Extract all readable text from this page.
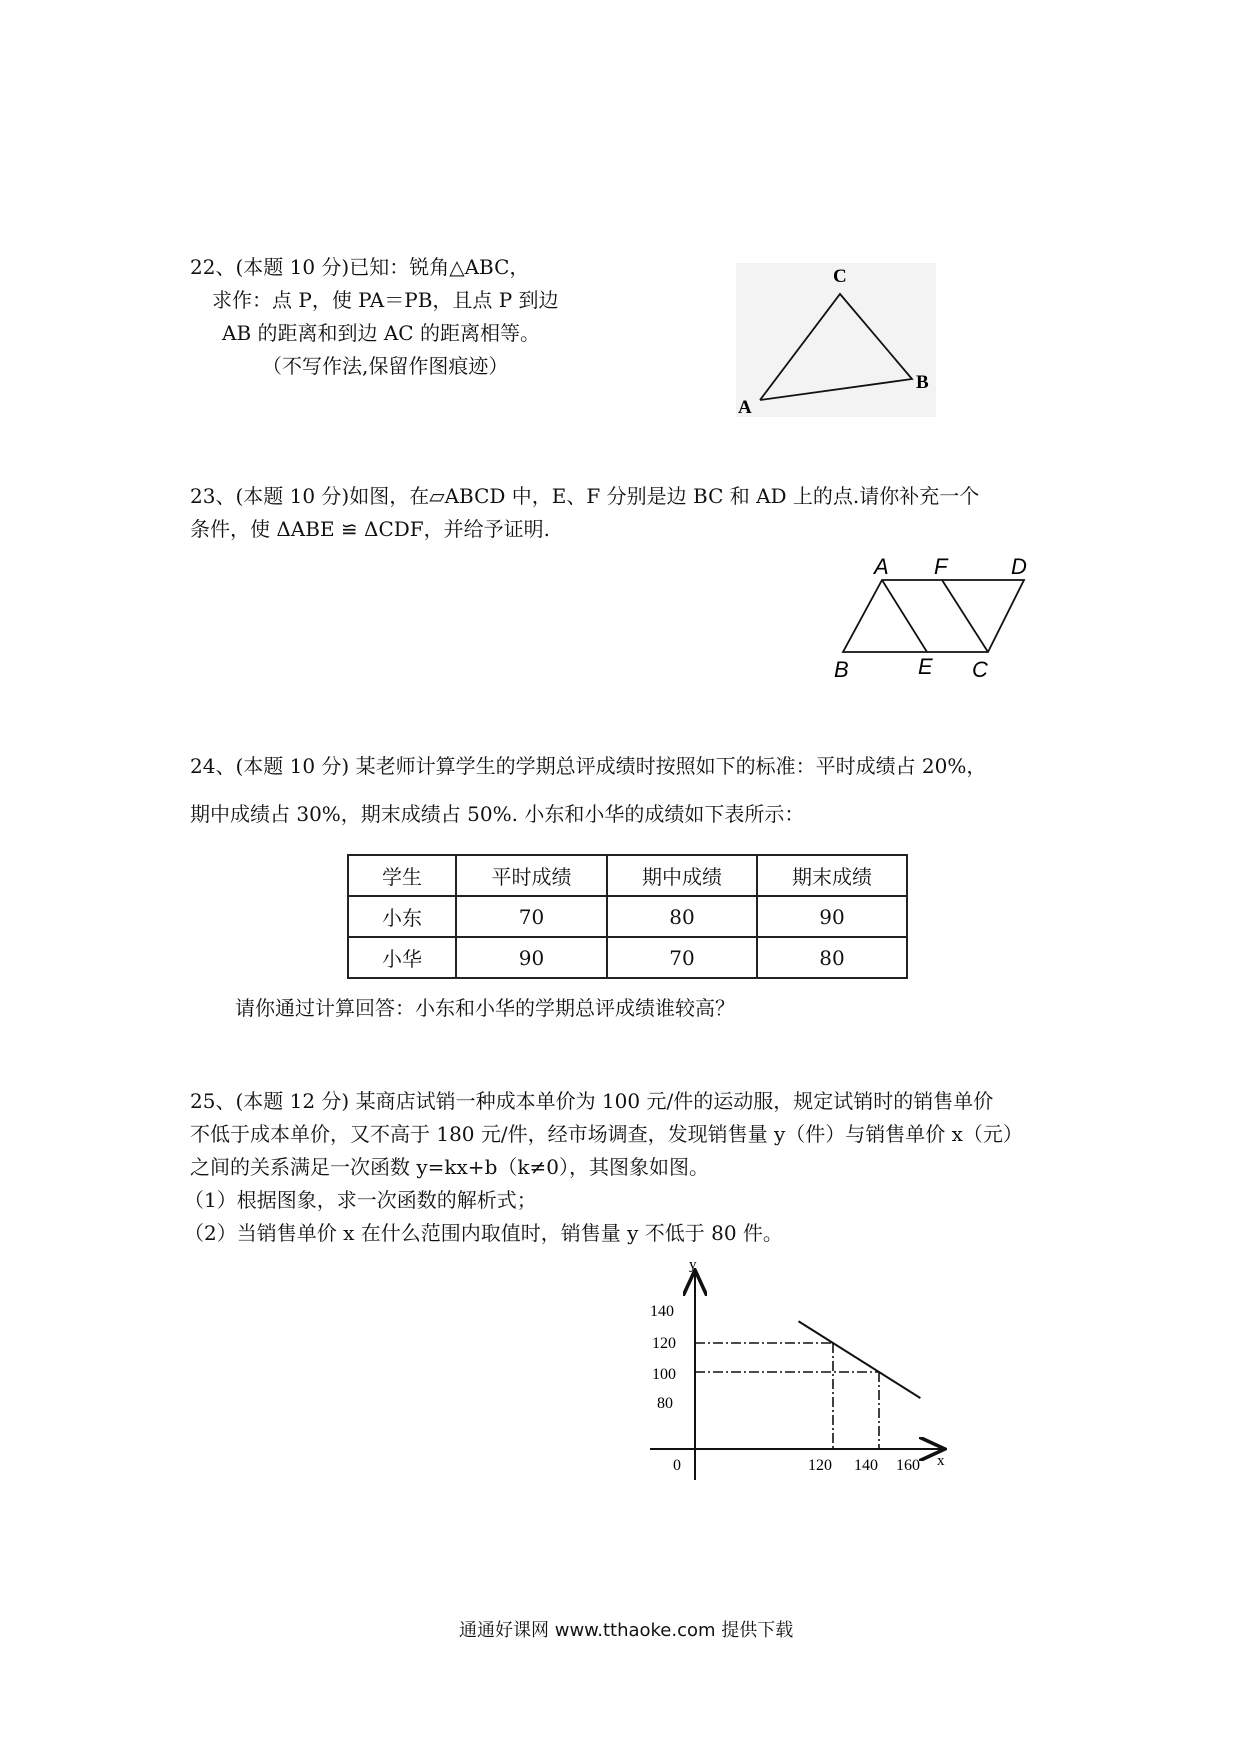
22、(本题 10 分)已知：锐角△ABC，
求作：点 P，使 PA＝PB，且点 P 到边
AB 的距离和到边 AC 的距离相等。
（不写作法,保留作图痕迹）
C
A
B
23、(本题 10 分)如图，在▱ABCD 中，E、F 分别是边 BC 和 AD 上的点.请你补充一个
条件，使 ΔABE ≌ ΔCDF，并给予证明.
A F	D
B	E C
24、(本题 10 分) 某老师计算学生的学期总评成绩时按照如下的标准：平时成绩占 20%，
期中成绩占 30%，期末成绩占 50%. 小东和小华的成绩如下表所示：
学生	平时成绩	期中成绩	期末成绩
小东	70	80	90
小华	90	70	80
请你通过计算回答：小东和小华的学期总评成绩谁较高？
25、(本题 12 分) 某商店试销一种成本单价为 100 元/件的运动服，规定试销时的销售单价
不低于成本单价，又不高于 180 元/件，经市场调查，发现销售量 y（件）与销售单价 x（元）
之间的关系满足一次函数 y=kx+b（k≠0），其图象如图。
（1）根据图象，求一次函数的解析式；
（2）当销售单价 x 在什么范围内取值时，销售量 y 不低于 80 件。
y
x
0
140
120
100
80
120 140 160
通通好课网 www.tthaoke.com 提供下载
